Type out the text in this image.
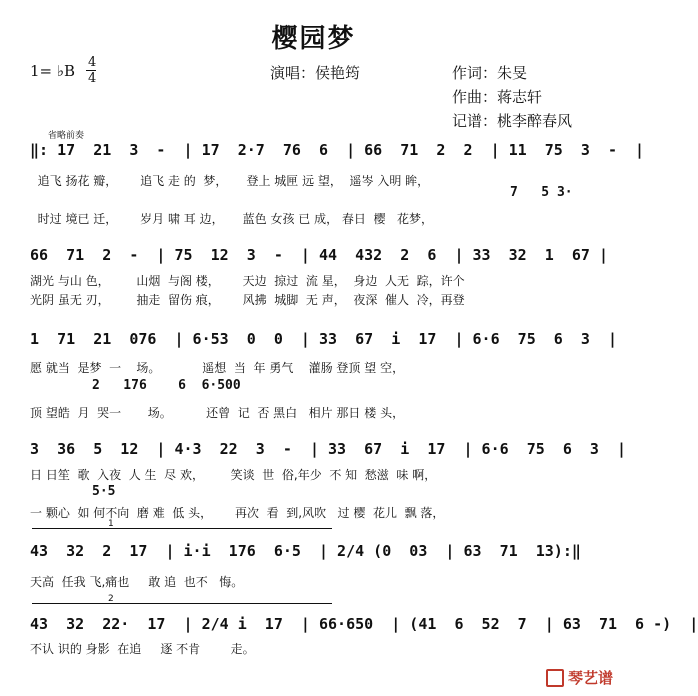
樱园梦
1= ♭B 4
4	演唱：侯艳筠	作词：朱旻
作曲：蒋志轩
记谱：桃李醉春风
省略前奏
‖: 17  21  3  -  | 17  2·7  76  6  | 66  71  2  2  | 11  75  3  -  |
追飞 扬花 瓣，      追飞 走 的  梦，     登上 城匣 远 望，  遥岑 入明 眸，
7   5 3·
时过 境已 迁，      岁月 啸 耳 边，     蓝色 女孩 已 成， 春日  樱   花梦，
66  71  2  -  | 75  12  3  -  | 44  432  2  6  | 33  32  1  67 |
湖光 与山 色，       山烟  与阁 楼，      天边  掠过  流 星，  身边  人无  踪，许个
光阴 虽无 刃，       抽走  留伤 痕，      风拂  城脚  无 声，  夜深  催人  冷，再登
1  71  21  076  | 6·53  0  0  | 33  67  i  17  | 6·6  75  6  3  |
愿 就当  是梦  一    场。           遥想  当  年 勇气    灌肠 登顶 望 空，
2   176    6  6·500
顶 望皓  月  哭一       场。         还曾  记  否 黑白   相片 那日 楼 头，
3  36  5  12  | 4·3  22  3  -  | 33  67  i  17  | 6·6  75  6  3  |
日 日笙  歌  入夜  人 生  尽 欢，       笑谈  世  俗,年少  不 知  愁滋  味 啊，
5·5
一 颗心  如 何不向  磨 难  低 头，      再次  看  到,风吹   过 樱  花儿  飘 落，
1
43  32  2  17  | i·i  176  6·5  | 2/4 (0  03  | 63  71  13):‖
天高  任我 飞,痛也     敢 追  也不   悔。
2
43  32  22·  17  | 2/4 i  17  | 66·650  | (41  6  52  7  | 63  71  6 -)  |
不认 识的 身影  在追     逐 不肯        走。
琴艺谱
